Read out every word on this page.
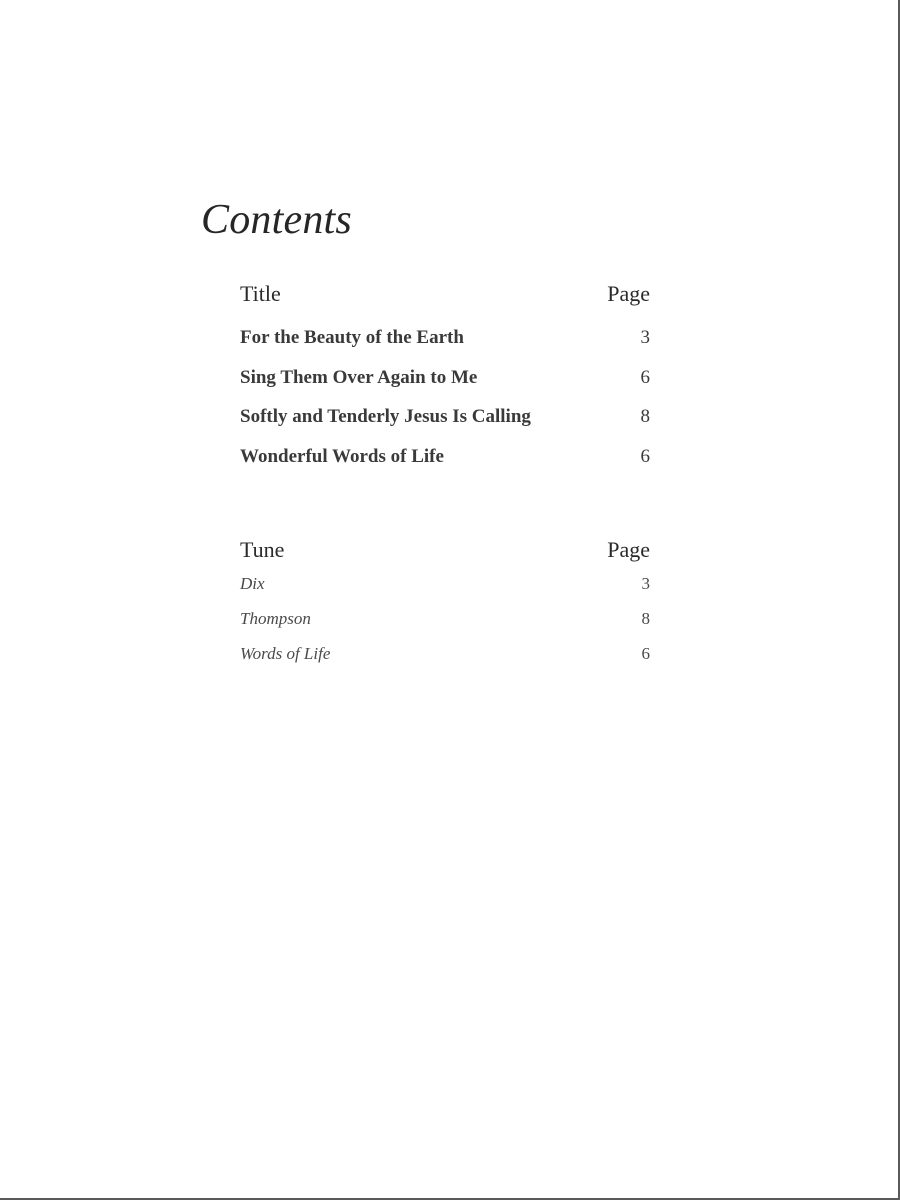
Contents
Title	Page
For the Beauty of the Earth	3
Sing Them Over Again to Me	6
Softly and Tenderly Jesus Is Calling	8
Wonderful Words of Life	6
Tune	Page
Dix	3
Thompson	8
Words of Life	6
